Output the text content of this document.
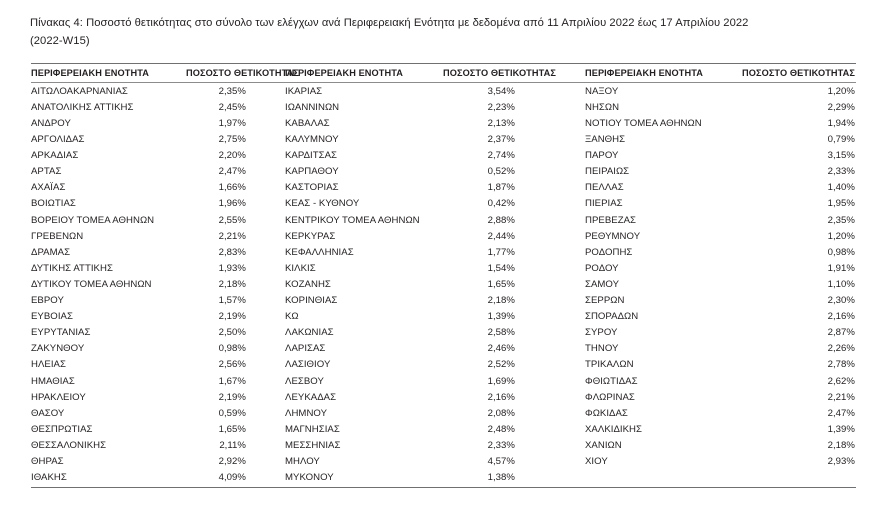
Πίνακας 4: Ποσοστό θετικότητας στο σύνολο των ελέγχων ανά Περιφερειακή Ενότητα με δεδομένα από 11 Απριλίου 2022 έως 17 Απριλίου 2022
(2022-W15)

ΠΕΡΙΦΕΡΕΙΑΚΗ ΕΝΟΤΗΤΑ	ΠΟΣΟΣΤΟ ΘΕΤΙΚΟΤΗΤΑΣ	ΠΕΡΙΦΕΡΕΙΑΚΗ ΕΝΟΤΗΤΑ	ΠΟΣΟΣΤΟ ΘΕΤΙΚΟΤΗΤΑΣ	ΠΕΡΙΦΕΡΕΙΑΚΗ ΕΝΟΤΗΤΑ	ΠΟΣΟΣΤΟ ΘΕΤΙΚΟΤΗΤΑΣ
ΑΙΤΩΛΟΑΚΑΡΝΑΝΙΑΣ	2,35%	ΙΚΑΡΙΑΣ	3,54%	ΝΑΞΟΥ	1,20%
ΑΝΑΤΟΛΙΚΗΣ ΑΤΤΙΚΗΣ	2,45%	ΙΩΑΝΝΙΝΩΝ	2,23%	ΝΗΣΩΝ	2,29%
ΑΝΔΡΟΥ	1,97%	ΚΑΒΑΛΑΣ	2,13%	ΝΟΤΙΟΥ ΤΟΜΕΑ ΑΘΗΝΩΝ	1,94%
ΑΡΓΟΛΙΔΑΣ	2,75%	ΚΑΛΥΜΝΟΥ	2,37%	ΞΑΝΘΗΣ	0,79%
ΑΡΚΑΔΙΑΣ	2,20%	ΚΑΡΔΙΤΣΑΣ	2,74%	ΠΑΡΟΥ	3,15%
ΑΡΤΑΣ	2,47%	ΚΑΡΠΑΘΟΥ	0,52%	ΠΕΙΡΑΙΩΣ	2,33%
ΑΧΑΪΑΣ	1,66%	ΚΑΣΤΟΡΙΑΣ	1,87%	ΠΕΛΛΑΣ	1,40%
ΒΟΙΩΤΙΑΣ	1,96%	ΚΕΑΣ - ΚΥΘΝΟΥ	0,42%	ΠΙΕΡΙΑΣ	1,95%
ΒΟΡΕΙΟΥ ΤΟΜΕΑ ΑΘΗΝΩΝ	2,55%	ΚΕΝΤΡΙΚΟΥ ΤΟΜΕΑ ΑΘΗΝΩΝ	2,88%	ΠΡΕΒΕΖΑΣ	2,35%
ΓΡΕΒΕΝΩΝ	2,21%	ΚΕΡΚΥΡΑΣ	2,44%	ΡΕΘΥΜΝΟΥ	1,20%
ΔΡΑΜΑΣ	2,83%	ΚΕΦΑΛΛΗΝΙΑΣ	1,77%	ΡΟΔΟΠΗΣ	0,98%
ΔΥΤΙΚΗΣ ΑΤΤΙΚΗΣ	1,93%	ΚΙΛΚΙΣ	1,54%	ΡΟΔΟΥ	1,91%
ΔΥΤΙΚΟΥ ΤΟΜΕΑ ΑΘΗΝΩΝ	2,18%	ΚΟΖΑΝΗΣ	1,65%	ΣΑΜΟΥ	1,10%
ΕΒΡΟΥ	1,57%	ΚΟΡΙΝΘΙΑΣ	2,18%	ΣΕΡΡΩΝ	2,30%
ΕΥΒΟΙΑΣ	2,19%	ΚΩ	1,39%	ΣΠΟΡΑΔΩΝ	2,16%
ΕΥΡΥΤΑΝΙΑΣ	2,50%	ΛΑΚΩΝΙΑΣ	2,58%	ΣΥΡΟΥ	2,87%
ΖΑΚΥΝΘΟΥ	0,98%	ΛΑΡΙΣΑΣ	2,46%	ΤΗΝΟΥ	2,26%
ΗΛΕΙΑΣ	2,56%	ΛΑΣΙΘΙΟΥ	2,52%	ΤΡΙΚΑΛΩΝ	2,78%
ΗΜΑΘΙΑΣ	1,67%	ΛΕΣΒΟΥ	1,69%	ΦΘΙΩΤΙΔΑΣ	2,62%
ΗΡΑΚΛΕΙΟΥ	2,19%	ΛΕΥΚΑΔΑΣ	2,16%	ΦΛΩΡΙΝΑΣ	2,21%
ΘΑΣΟΥ	0,59%	ΛΗΜΝΟΥ	2,08%	ΦΩΚΙΔΑΣ	2,47%
ΘΕΣΠΡΩΤΙΑΣ	1,65%	ΜΑΓΝΗΣΙΑΣ	2,48%	ΧΑΛΚΙΔΙΚΗΣ	1,39%
ΘΕΣΣΑΛΟΝΙΚΗΣ	2,11%	ΜΕΣΣΗΝΙΑΣ	2,33%	ΧΑΝΙΩΝ	2,18%
ΘΗΡΑΣ	2,92%	ΜΗΛΟΥ	4,57%	ΧΙΟΥ	2,93%
ΙΘΑΚΗΣ	4,09%	ΜΥΚΟΝΟΥ	1,38%		
